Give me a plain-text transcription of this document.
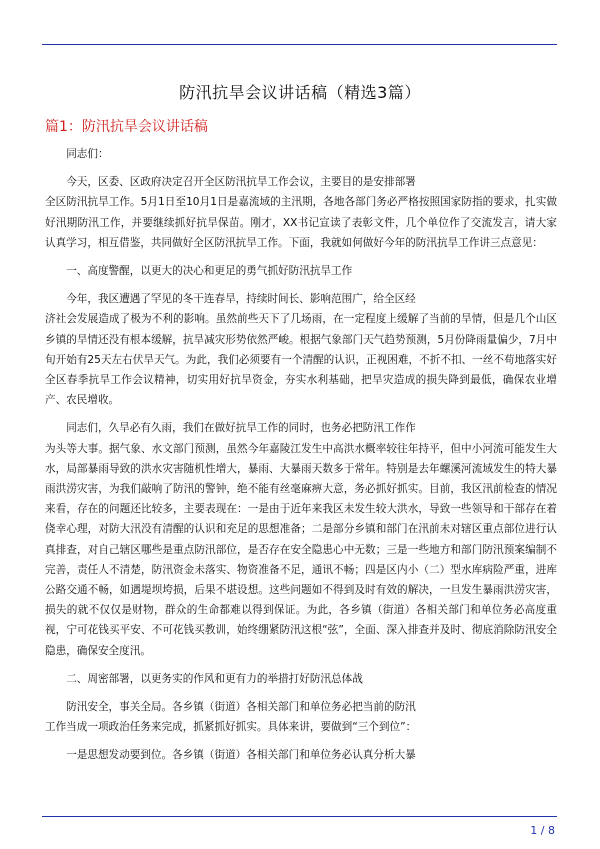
防汛抗旱会议讲话稿（精选3篇）
篇1：防汛抗旱会议讲话稿

同志们：

今天，区委、区政府决定召开全区防汛抗旱工作会议，主要目的是安排部署
全区防汛抗旱工作。5月1日至10月1日是嘉流域的主汛期，各地各部门务必严格按照国家防指的要求，扎实做好汛期防汛工作，并要继续抓好抗旱保苗。刚才，XX书记宣读了表彰文件，几个单位作了交流发言，请大家认真学习，相互借鉴，共同做好全区防汛抗旱工作。下面，我就如何做好今年的防汛抗旱工作讲三点意见：

一、高度警醒，以更大的决心和更足的勇气抓好防汛抗旱工作

今年，我区遭遇了罕见的冬干连春旱，持续时间长、影响范围广，给全区经
济社会发展造成了极为不利的影响。虽然前些天下了几场雨，在一定程度上缓解了当前的旱情，但是几个山区乡镇的旱情还没有根本缓解，抗旱减灾形势依然严峻。根据气象部门天气趋势预测，5月份降雨量偏少，7月中旬开始有25天左右伏旱天气。为此，我们必须要有一个清醒的认识，正视困难，不折不扣、一丝不苟地落实好全区春季抗旱工作会议精神，切实用好抗旱资金，夯实水利基础，把旱灾造成的损失降到最低，确保农业增产、农民增收。

同志们，久旱必有久雨，我们在做好抗旱工作的同时，也务必把防汛工作作
为头等大事。据气象、水文部门预测，虽然今年嘉陵江发生中高洪水概率较往年持平，但中小河流可能发生大水，局部暴雨导致的洪水灾害随机性增大，暴雨、大暴雨天数多于常年。特别是去年螺溪河流域发生的特大暴雨洪涝灾害，为我们敲响了防汛的警钟，绝不能有丝毫麻痹大意，务必抓好抓实。目前，我区汛前检查的情况来看，存在的问题还比较多，主要表现在：一是由于近年来我区未发生较大洪水，导致一些领导和干部存在着侥幸心理，对防大汛没有清醒的认识和充足的思想准备；二是部分乡镇和部门在汛前未对辖区重点部位进行认真排查，对自己辖区哪些是重点防汛部位，是否存在安全隐患心中无数；三是一些地方和部门防汛预案编制不完善，责任人不清楚，防汛资金未落实、物资准备不足，通讯不畅；四是区内小（二）型水库病险严重，进库公路交通不畅，如遇堤坝垮损，后果不堪设想。这些问题如不得到及时有效的解决，一旦发生暴雨洪涝灾害，损失的就不仅仅是财物，群众的生命都难以得到保证。为此，各乡镇（街道）各相关部门和单位务必高度重视，宁可花钱买平安、不可花钱买教训，始终绷紧防汛这根“弦”，全面、深入排查并及时、彻底消除防汛安全隐患，确保安全度汛。

二、周密部署，以更务实的作风和更有力的举措打好防汛总体战

防汛安全，事关全局。各乡镇（街道）各相关部门和单位务必把当前的防汛
工作当成一项政治任务来完成，抓紧抓好抓实。具体来讲，要做到“三个到位”：

一是思想发动要到位。各乡镇（街道）各相关部门和单位务必认真分析大暴

1 / 8
